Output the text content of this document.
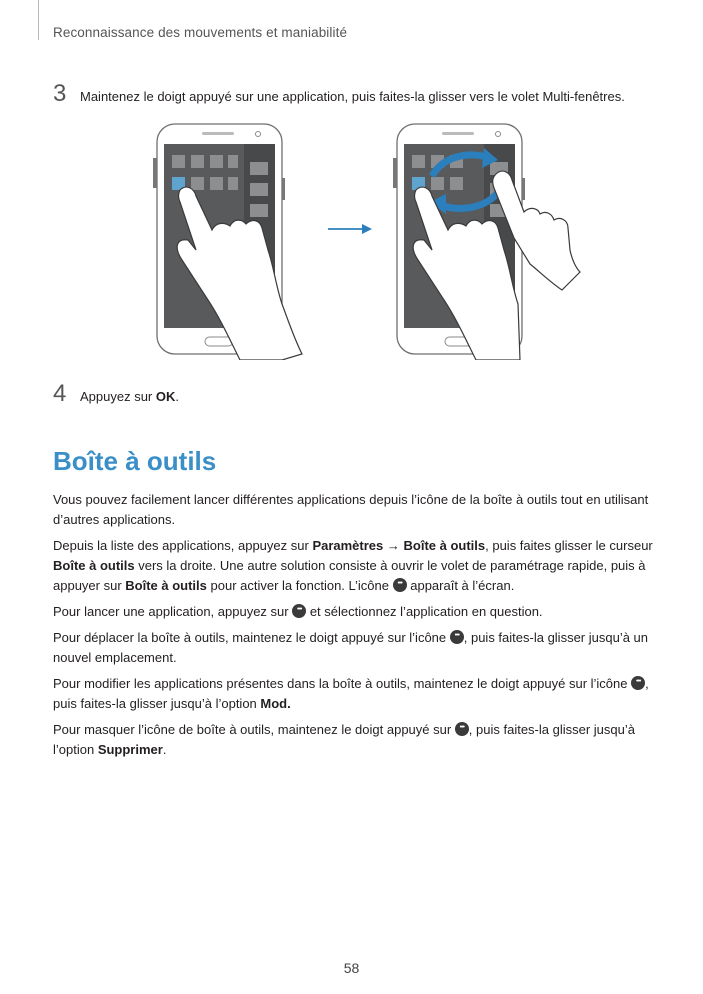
Reconnaissance des mouvements et maniabilité
3	Maintenez le doigt appuyé sur une application, puis faites-la glisser vers le volet Multi-fenêtres.
4	Appuyez sur OK.
Boîte à outils

Vous pouvez facilement lancer différentes applications depuis l’icône de la boîte à outils tout en utilisant d’autres applications.

Depuis la liste des applications, appuyez sur Paramètres → Boîte à outils, puis faites glisser le curseur Boîte à outils vers la droite. Une autre solution consiste à ouvrir le volet de paramétrage rapide, puis à appuyer sur Boîte à outils pour activer la fonction. L’icône ••• apparaît à l’écran.

Pour lancer une application, appuyez sur ••• et sélectionnez l’application en question.

Pour déplacer la boîte à outils, maintenez le doigt appuyé sur l’icône •••, puis faites-la glisser jusqu’à un nouvel emplacement.

Pour modifier les applications présentes dans la boîte à outils, maintenez le doigt appuyé sur l’icône •••, puis faites-la glisser jusqu’à l’option Mod.

Pour masquer l’icône de boîte à outils, maintenez le doigt appuyé sur •••, puis faites-la glisser jusqu’à l’option Supprimer.

58
